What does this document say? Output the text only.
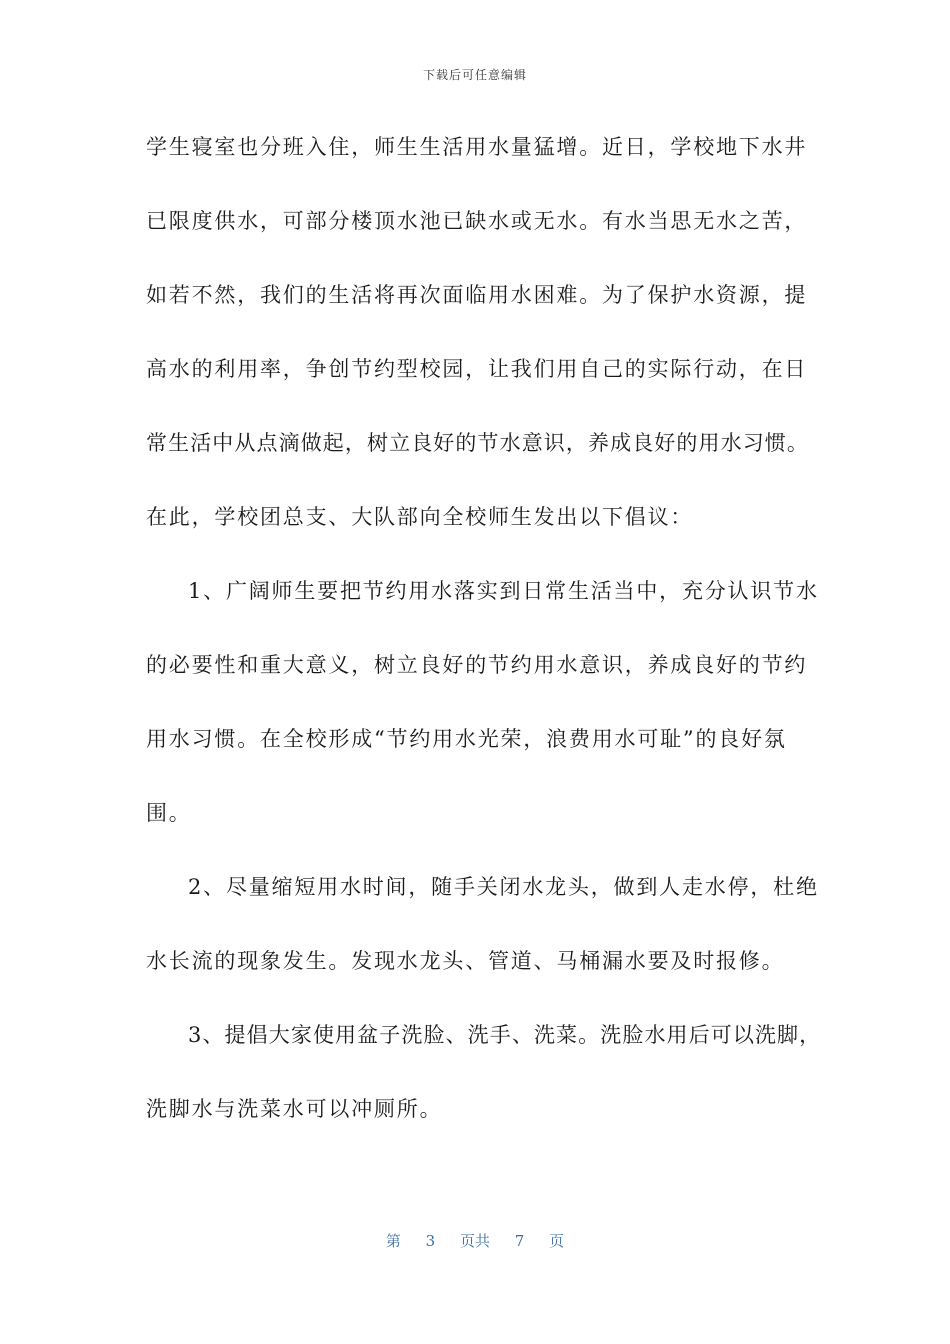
下载后可任意编辑
学生寝室也分班入住，师生生活用水量猛增。近日，学校地下水井
已限度供水，可部分楼顶水池已缺水或无水。有水当思无水之苦，
如若不然，我们的生活将再次面临用水困难。为了保护水资源，提
高水的利用率，争创节约型校园，让我们用自己的实际行动，在日
常生活中从点滴做起，树立良好的节水意识，养成良好的用水习惯。
在此，学校团总支、大队部向全校师生发出以下倡议：
1、广阔师生要把节约用水落实到日常生活当中，充分认识节水
的必要性和重大意义，树立良好的节约用水意识，养成良好的节约
用水习惯。在全校形成“节约用水光荣，浪费用水可耻”的良好氛
围。
2、尽量缩短用水时间，随手关闭水龙头，做到人走水停，杜绝
水长流的现象发生。发现水龙头、管道、马桶漏水要及时报修。
3、提倡大家使用盆子洗脸、洗手、洗菜。洗脸水用后可以洗脚，
洗脚水与洗菜水可以冲厕所。
第 3 页共 7 页
